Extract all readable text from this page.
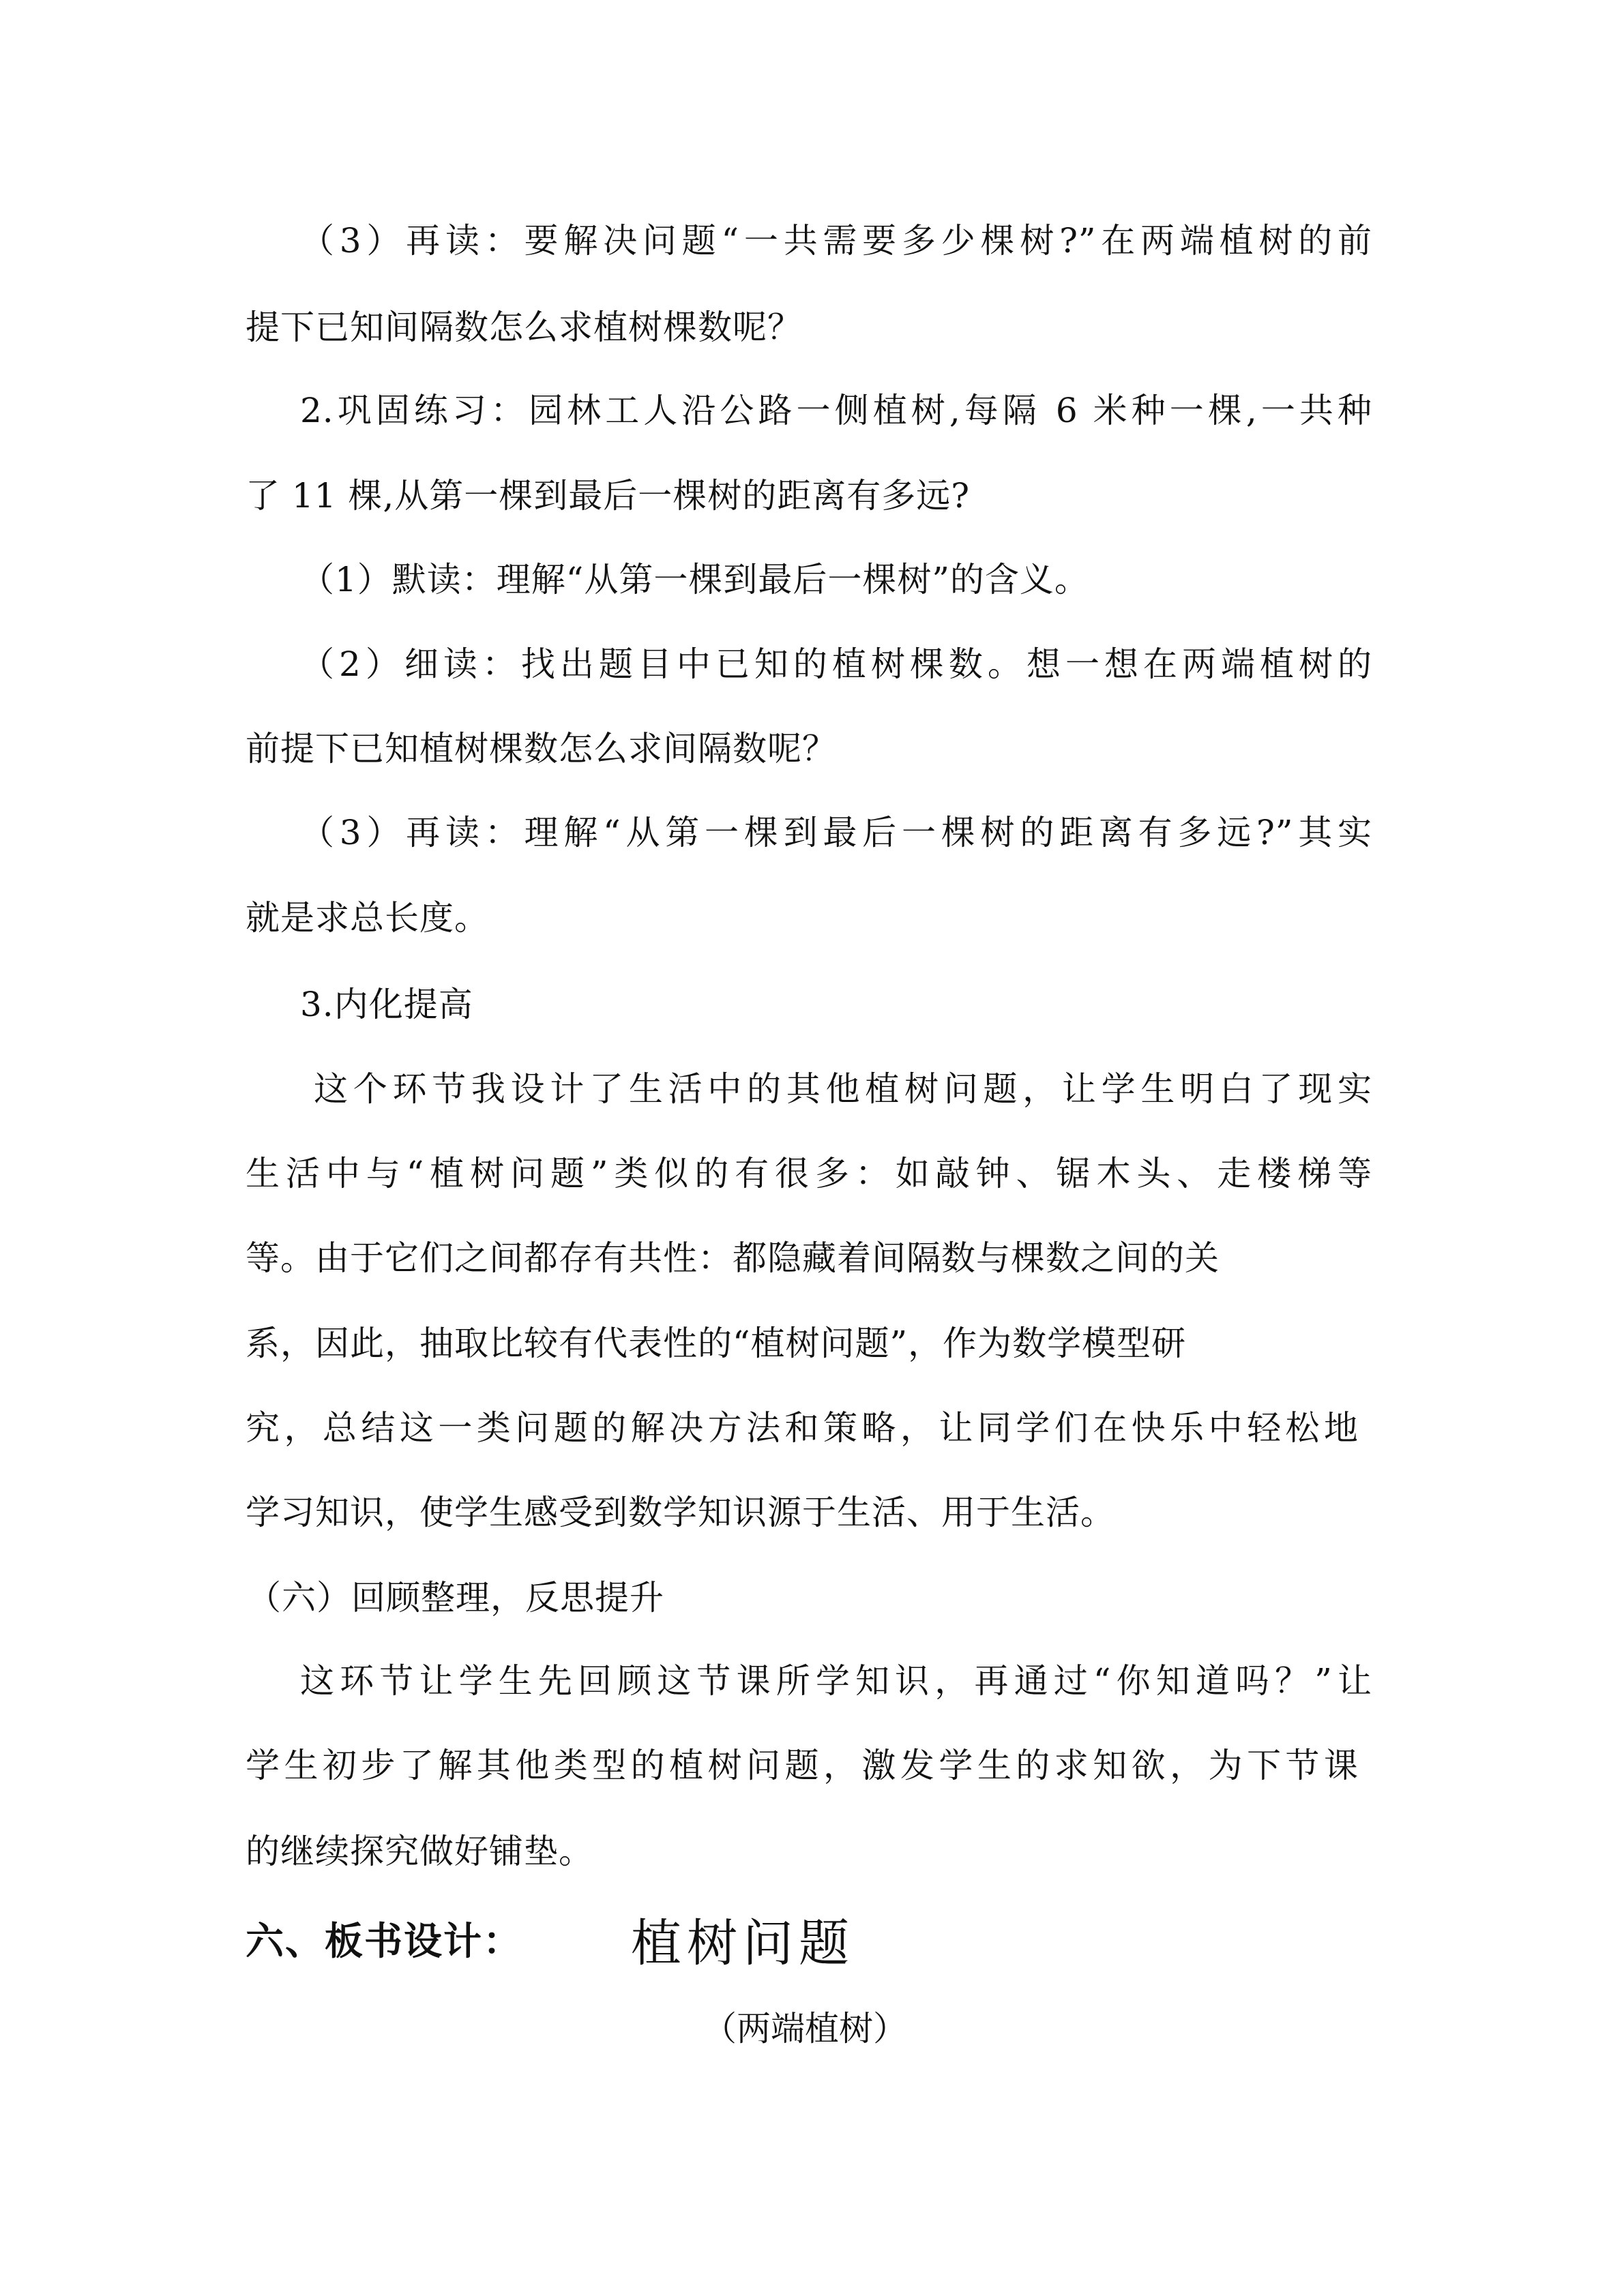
（3）再读：要解决问题“一共需要多少棵树?”在两端植树的前
提下已知间隔数怎么求植树棵数呢？
2.巩固练习：园林工人沿公路一侧植树,每隔 6 米种一棵,一共种
了 11 棵,从第一棵到最后一棵树的距离有多远?
（1）默读：理解“从第一棵到最后一棵树”的含义。
（2）细读：找出题目中已知的植树棵数。想一想在两端植树的
前提下已知植树棵数怎么求间隔数呢？
（3）再读：理解“从第一棵到最后一棵树的距离有多远?”其实
就是求总长度。
3.内化提高
这个环节我设计了生活中的其他植树问题，让学生明白了现实
生活中与“植树问题”类似的有很多：如敲钟、锯木头、走楼梯等
等。由于它们之间都存有共性：都隐藏着间隔数与棵数之间的关
系，因此，抽取比较有代表性的“植树问题”，作为数学模型研
究，总结这一类问题的解决方法和策略，让同学们在快乐中轻松地
学习知识，使学生感受到数学知识源于生活、用于生活。
（六）回顾整理，反思提升
这环节让学生先回顾这节课所学知识，再通过“你知道吗？”让
学生初步了解其他类型的植树问题，激发学生的求知欲，为下节课
的继续探究做好铺垫。
六、板书设计： 植树问题
（两端植树）
